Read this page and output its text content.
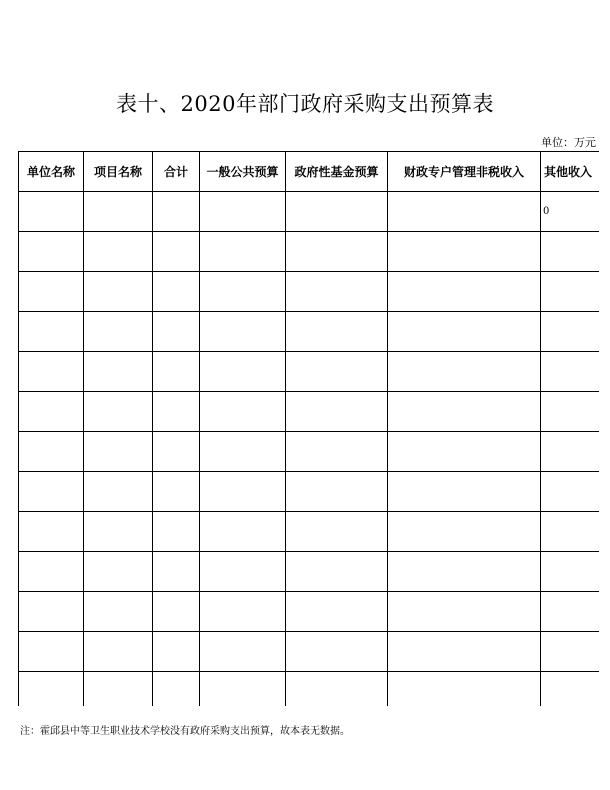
表十、2020年部门政府采购支出预算表
单位：万元
单位名称	项目名称	合计	一般公共预算	政府性基金预算	财政专户管理非税收入	其他收入
						0

注：霍邱县中等卫生职业技术学校没有政府采购支出预算，故本表无数据。
